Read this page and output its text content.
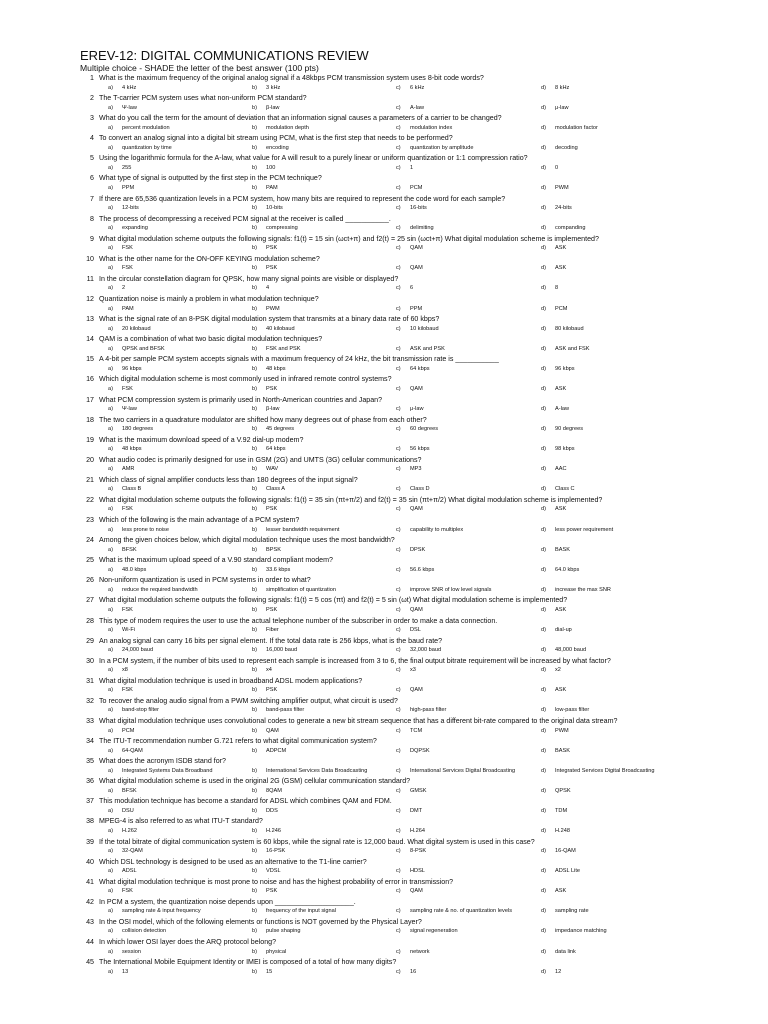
EREV-12: DIGITAL COMMUNICATIONS REVIEW
Multiple choice - SHADE the letter of the best answer (100 pts)
1 What is the maximum frequency of the original analog signal if a 48kbps PCM transmission system uses 8-bit code words?
a) 4 kHz	b) 3 kHz	c) 6 kHz	d) 8 kHz
2 The T-carrier PCM system uses what non-uniform PCM standard?
a) Ψ-law	b) β-law	c) A-law	d) μ-law
3 What do you call the term for the amount of deviation that an information signal causes a parameters of a carrier to be changed?
a) percent modulation	b) modulation depth	c) modulation index	d) modulation factor
4 To convert an analog signal into a digital bit stream using PCM, what is the first step that needs to be performed?
a) quantization by time	b) encoding	c) quantization by amplitude	d) decoding
5 Using the logarithmic formula for the A-law, what value for A will result to a purely linear or uniform quantization or 1:1 compression ratio?
a) 255	b) 100	c) 1	d) 0
6 What type of signal is outputted by the first step in the PCM technique?
a) PPM	b) PAM	c) PCM	d) PWM
7 If there are 65,536 quantization levels in a PCM system, how many bits are required to represent the code word for each sample?
a) 12-bits	b) 10-bits	c) 16-bits	d) 24-bits
8 The process of decompressing a received PCM signal at the receiver is called ___________.
a) expanding	b) compressing	c) delimiting	d) companding
9 What digital modulation scheme outputs the following signals: f1(t) = 15 sin (ωct+π) and f2(t) = 25 sin (ωct+π) What digital modulation scheme is implemented?
a) FSK	b) PSK	c) QAM	d) ASK
10 What is the other name for the ON-OFF KEYING modulation scheme?
a) FSK	b) PSK	c) QAM	d) ASK
11 In the circular constellation diagram for QPSK, how many signal points are visible or displayed?
a) 2	b) 4	c) 6	d) 8
12 Quantization noise is mainly a problem in what modulation technique?
a) PAM	b) PWM	c) PPM	d) PCM
13 What is the signal rate of an 8-PSK digital modulation system that transmits at a binary data rate of 60 kbps?
a) 20 kilobaud	b) 40 kilobaud	c) 10 kilobaud	d) 80 kilobaud
14 QAM is a combination of what two basic digital modulation techniques?
a) QPSK and BFSK	b) FSK and PSK	c) ASK and PSK	d) ASK and FSK
15 A 4-bit per sample PCM system accepts signals with a maximum frequency of 24 kHz, the bit transmission rate is ___________
a) 96 kbps	b) 48 kbps	c) 64 kbps	d) 96 kbps
16 Which digital modulation scheme is most commonly used in infrared remote control systems?
a) FSK	b) PSK	c) QAM	d) ASK
17 What PCM compression system is primarily used in North-American countries and Japan?
a) Ψ-law	b) β-law	c) μ-law	d) A-law
18 The two carriers in a quadrature modulator are shifted how many degrees out of phase from each other?
a) 180 degrees	b) 45 degrees	c) 60 degrees	d) 90 degrees
19 What is the maximum download speed of a V.92 dial-up modem?
a) 48 kbps	b) 64 kbps	c) 56 kbps	d) 98 kbps
20 What audio codec is primarily designed for use in GSM (2G) and UMTS (3G) cellular communications?
a) AMR	b) WAV	c) MP3	d) AAC
21 Which class of signal amplifier conducts less than 180 degrees of the input signal?
a) Class B	b) Class A	c) Class D	d) Class C
22 What digital modulation scheme outputs the following signals: f1(t) = 35 sin (πt+π/2) and f2(t) = 35 sin (πt+π/2) What digital modulation scheme is implemented?
a) FSK	b) PSK	c) QAM	d) ASK
23 Which of the following is the main advantage of a PCM system?
a) less prone to noise	b) lesser bandwidth requirement	c) capability to multiplex	d) less power requirement
24 Among the given choices below, which digital modulation technique uses the most bandwidth?
a) BFSK	b) BPSK	c) DPSK	d) BASK
25 What is the maximum upload speed of a V.90 standard compliant modem?
a) 48.0 kbps	b) 33.6 kbps	c) 56.6 kbps	d) 64.0 kbps
26 Non-uniform quantization is used in PCM systems in order to what?
a) reduce the required bandwidth	b) simplification of quantization	c) improve SNR of low level signals	d) increase the max SNR
27 What digital modulation scheme outputs the following signals: f1(t) = 5 cos (πt) and f2(t) = 5 sin (ωt) What digital modulation scheme is implemented?
a) FSK	b) PSK	c) QAM	d) ASK
28 This type of modem requires the user to use the actual telephone number of the subscriber in order to make a data connection.
a) Wi-Fi	b) Fiber	c) DSL	d) dial-up
29 An analog signal can carry 16 bits per signal element. If the total data rate is 256 kbps, what is the baud rate?
a) 24,000 baud	b) 16,000 baud	c) 32,000 baud	d) 48,000 baud
30 In a PCM system, if the number of bits used to represent each sample is increased from 3 to 6, the final output bitrate requirement will be increased by what factor?
a) x8	b) x4	c) x3	d) x2
31 What digital modulation technique is used in broadband ADSL modem applications?
a) FSK	b) PSK	c) QAM	d) ASK
32 To recover the analog audio signal from a PWM switching amplifier output, what circuit is used?
a) band-stop filter	b) band-pass filter	c) high-pass filter	d) low-pass filter
33 What digital modulation technique uses convolutional codes to generate a new bit stream sequence that has a different bit-rate compared to the original data stream?
a) PCM	b) QAM	c) TCM	d) PWM
34 The ITU-T recommendation number G.721 refers to what digital communication system?
a) 64-QAM	b) ADPCM	c) DQPSK	d) BASK
35 What does the acronym ISDB stand for?
a) Integrated Systems Data Broadband	b) International Services Data Broadcasting	c) International Services Digital Broadcasting	d) Integrated Services Digital Broadcasting
36 What digital modulation scheme is used in the original 2G (GSM) cellular communication standard?
a) BFSK	b) 8QAM	c) GMSK	d) QPSK
37 This modulation technique has become a standard for ADSL which combines QAM and FDM.
a) DSU	b) DDS	c) DMT	d) TDM
38 MPEG-4 is also referred to as what ITU-T standard?
a) H.262	b) H.246	c) H.264	d) H.248
39 If the total bitrate of digital communication system is 60 kbps, while the signal rate is 12,000 baud. What digital system is used in this case?
a) 32-QAM	b) 16-PSK	c) 8-PSK	d) 16-QAM
40 Which DSL technology is designed to be used as an alternative to the T1-line carrier?
a) ADSL	b) VDSL	c) HDSL	d) ADSL Lite
41 What digital modulation technique is most prone to noise and has the highest probability of error in transmission?
a) FSK	b) PSK	c) QAM	d) ASK
42 In PCM a system, the quantization noise depends upon ____________________.
a) sampling rate & input frequency	b) frequency of the input signal	c) sampling rate & no. of quantization levels	d) sampling rate
43 In the OSI model, which of the following elements or functions is NOT governed by the Physical Layer?
a) collision detection	b) pulse shaping	c) signal regeneration	d) impedance matching
44 In which lower OSI layer does the ARQ protocol belong?
a) session	b) physical	c) network	d) data link
45 The International Mobile Equipment Identity or IMEI is composed of a total of how many digits?
a) 13	b) 15	c) 16	d) 12
